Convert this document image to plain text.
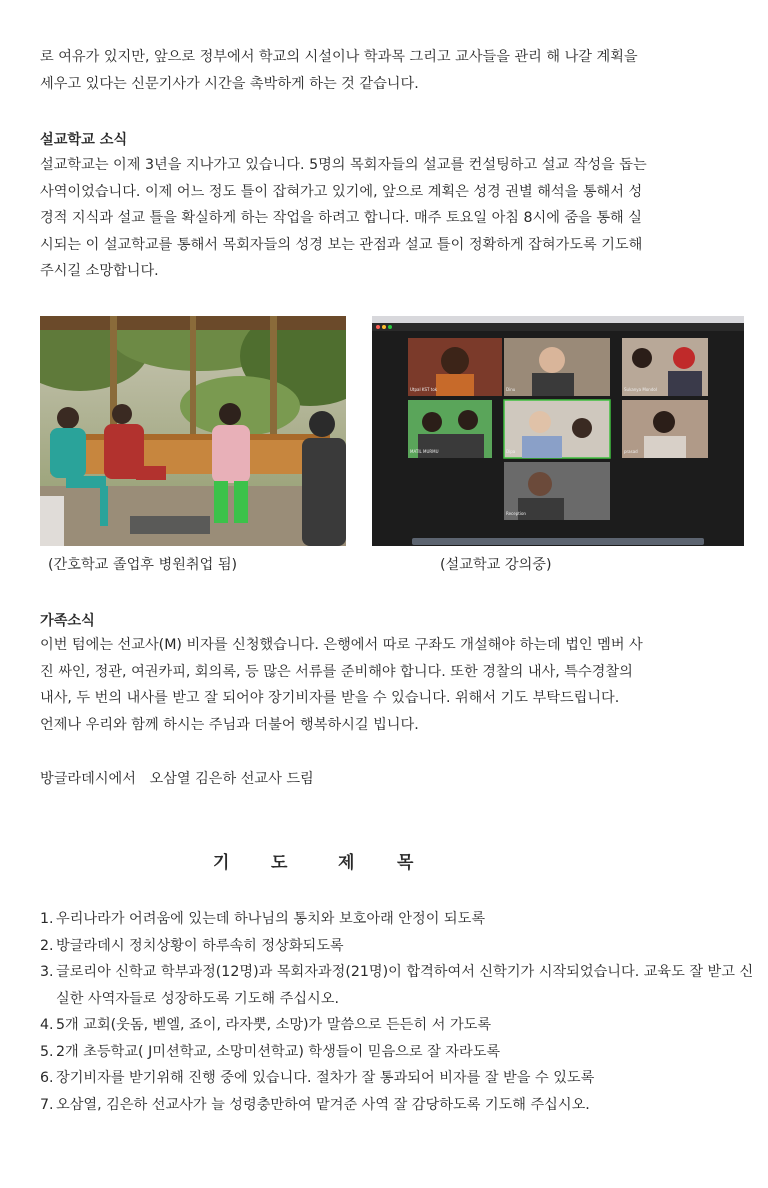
로 여유가 있지만, 앞으로 정부에서 학교의 시설이나 학과목 그리고 교사들을 관리 해 나갈 계획을
세우고 있다는 신문기사가 시간을 촉박하게 하는 것 같습니다.
설교학교 소식
설교학교는 이제 3년을 지나가고 있습니다. 5명의 목회자들의 설교를 컨설팅하고 설교 작성을 돕는
사역이었습니다. 이제 어느 정도 틀이 잡혀가고 있기에, 앞으로 계획은 성경 권별 해석을 통해서 성
경적 지식과 설교 틀을 확실하게 하는 작업을 하려고 합니다. 매주 토요일 아침 8시에 줌을 통해 실
시되는 이 설교학교를 통해서 목회자들의 성경 보는 관점과 설교 틀이 정확하게 잡혀가도록 기도해
주시길 소망합니다.
(간호학교 졸업후 병원취업 됨)	(설교학교 강의중)
가족소식
이번 텀에는 선교사(M) 비자를 신청했습니다. 은행에서 따로 구좌도 개설해야 하는데 법인 멤버 사
진 싸인, 정관, 여권카피, 회의록, 등 많은 서류를 준비해야 합니다. 또한 경찰의 내사, 특수경찰의
내사, 두 번의 내사를 받고 잘 되어야 장기비자를 받을 수 있습니다. 위해서 기도 부탁드립니다.
언제나 우리와 함께 하시는 주님과 더불어 행복하시길 빕니다.
방글라데시에서   오삼열 김은하 선교사 드림
기 도	제	목
1. 우리나라가 어려움에 있는데 하나님의 통치와 보호아래 안정이 되도록
2. 방글라데시 정치상황이 하루속히 정상화되도록
3. 글로리아 신학교 학부과정(12명)과 목회자과정(21명)이 합격하여서 신학기가 시작되었습니다. 교육도 잘 받고 신실한 사역자들로 성장하도록 기도해 주십시오.
4. 5개 교회(웃돔, 벧엘, 죠이, 라자뿟, 소망)가 말씀으로 든든히 서 가도록
5. 2개 초등학교( J미션학교, 소망미션학교) 학생들이 믿음으로 잘 자라도록
6. 장기비자를 받기위해 진행 중에 있습니다. 절차가 잘 통과되어 비자를 잘 받을 수 있도록
7. 오삼열, 김은하 선교사가 늘 성령충만하여 맡겨준 사역 잘 감당하도록 기도해 주십시오.
Utpal KST tok	Dinu	Sukanya Mondol
MATIL MURMU	Dipa	prasad
Reception
